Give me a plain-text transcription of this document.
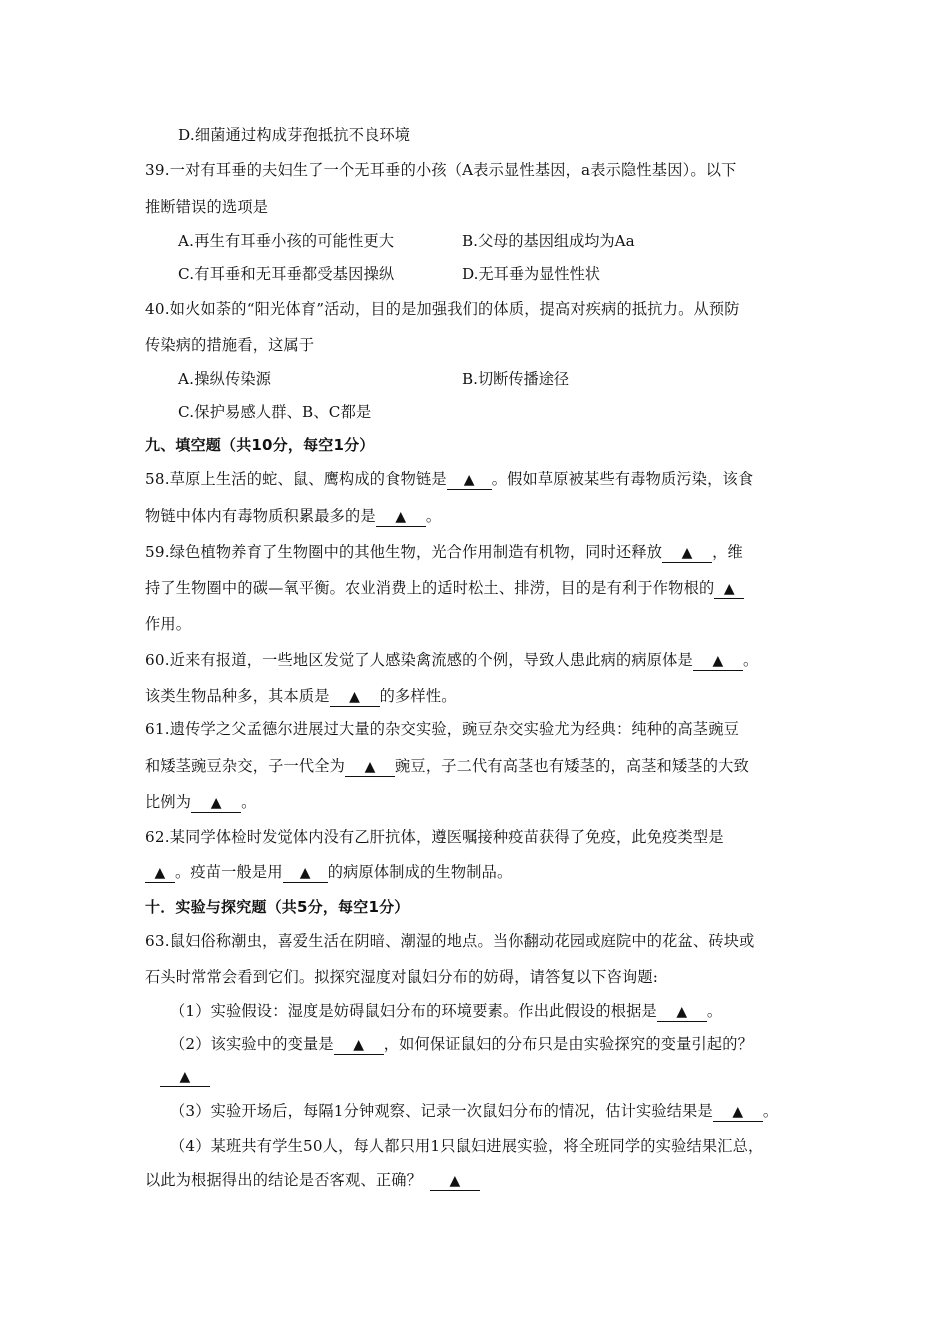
D.细菌通过构成芽孢抵抗不良环境
39.一对有耳垂的夫妇生了一个无耳垂的小孩（A表示显性基因，a表示隐性基因）。以下
推断错误的选项是
A.再生有耳垂小孩的可能性更大	B.父母的基因组成均为Aa
C.有耳垂和无耳垂都受基因操纵	D.无耳垂为显性性状
40.如火如荼的“阳光体育”活动，目的是加强我们的体质，提高对疾病的抵抗力。从预防
传染病的措施看，这属于
A.操纵传染源	B.切断传播途径
C.保护易感人群、B、C都是
九、填空题（共10分，每空1分）
58.草原上生活的蛇、鼠、鹰构成的食物链是 ▲ 。假如草原被某些有毒物质污染，该食
物链中体内有毒物质积累最多的是 ▲ 。
59.绿色植物养育了生物圈中的其他生物，光合作用制造有机物，同时还释放 ▲ ，维
持了生物圈中的碳—氧平衡。农业消费上的适时松土、排涝，目的是有利于作物根的 ▲
作用。
60.近来有报道，一些地区发觉了人感染禽流感的个例，导致人患此病的病原体是 ▲ 。
该类生物品种多，其本质是 ▲ 的多样性。
61.遗传学之父孟德尔进展过大量的杂交实验，豌豆杂交实验尤为经典：纯种的高茎豌豆
和矮茎豌豆杂交，子一代全为 ▲ 豌豆，子二代有高茎也有矮茎的，高茎和矮茎的大致
比例为 ▲ 。
62.某同学体检时发觉体内没有乙肝抗体，遵医嘱接种疫苗获得了免疫，此免疫类型是
▲ 。疫苗一般是用 ▲ 的病原体制成的生物制品。
十．实验与探究题（共5分，每空1分）
63.鼠妇俗称潮虫，喜爱生活在阴暗、潮湿的地点。当你翻动花园或庭院中的花盆、砖块或
石头时常常会看到它们。拟探究湿度对鼠妇分布的妨碍，请答复以下咨询题:
（1）实验假设：湿度是妨碍鼠妇分布的环境要素。作出此假设的根据是 ▲ 。
（2）该实验中的变量是 ▲ ，如何保证鼠妇的分布只是由实验探究的变量引起的？
▲
（3）实验开场后，每隔1分钟观察、记录一次鼠妇分布的情况，估计实验结果是 ▲ 。
（4）某班共有学生50人，每人都只用1只鼠妇进展实验，将全班同学的实验结果汇总，
以此为根据得出的结论是否客观、正确？ ▲
